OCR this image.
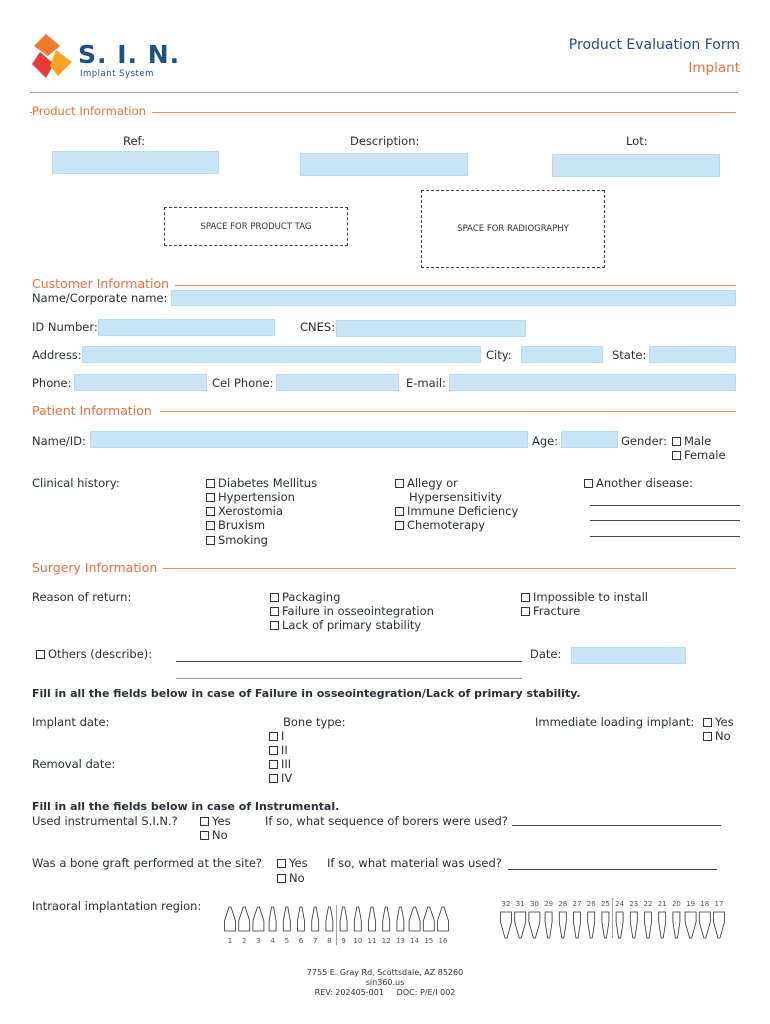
S. I. N.
Implant System
Product Evaluation Form
Implant
Product Information
Ref:	Description:	Lot:
SPACE FOR PRODUCT TAG	SPACE FOR RADIOGRAPHY
Customer Information
Name/Corporate name:
ID Number:	CNES:
Address:	City:	State:
Phone:	Cel Phone:	E-mail:
Patient Information
Name/ID:	Age:	Gender:	Male
Female
Clinical history:	Diabetes Mellitus
Hypertension
Xerostomia
Bruxism
Smoking
Allegy or
Hypersensitivity
Immune Deficiency
Chemoterapy
Another disease:
Surgery Information
Reason of return:	Packaging
Failure in osseointegration
Lack of primary stability
Impossible to install
Fracture
Others (describe):	Date:
Fill in all the fields below in case of Failure in osseointegration/Lack of primary stability.
Implant date:
Removal date:
Bone type:
I
II
III
IV
Immediate loading implant:	Yes
No
Fill in all the fields below in case of Instrumental.
Used instrumental S.I.N.?	Yes
No
If so, what sequence of borers were used?
Was a bone graft performed at the site?	Yes
No
If so, what material was used?
Intraoral implantation region:
1 2 3 4 5 6 7 8 9 10 11 12 13 14 15 16
32 31 30 29 28 27 26 25 24 23 22 21 20 19 18 17
7755 E. Gray Rd, Scottsdale, AZ 85260
sin360.us
REV: 202405-001 DOC: P/E/I 002
